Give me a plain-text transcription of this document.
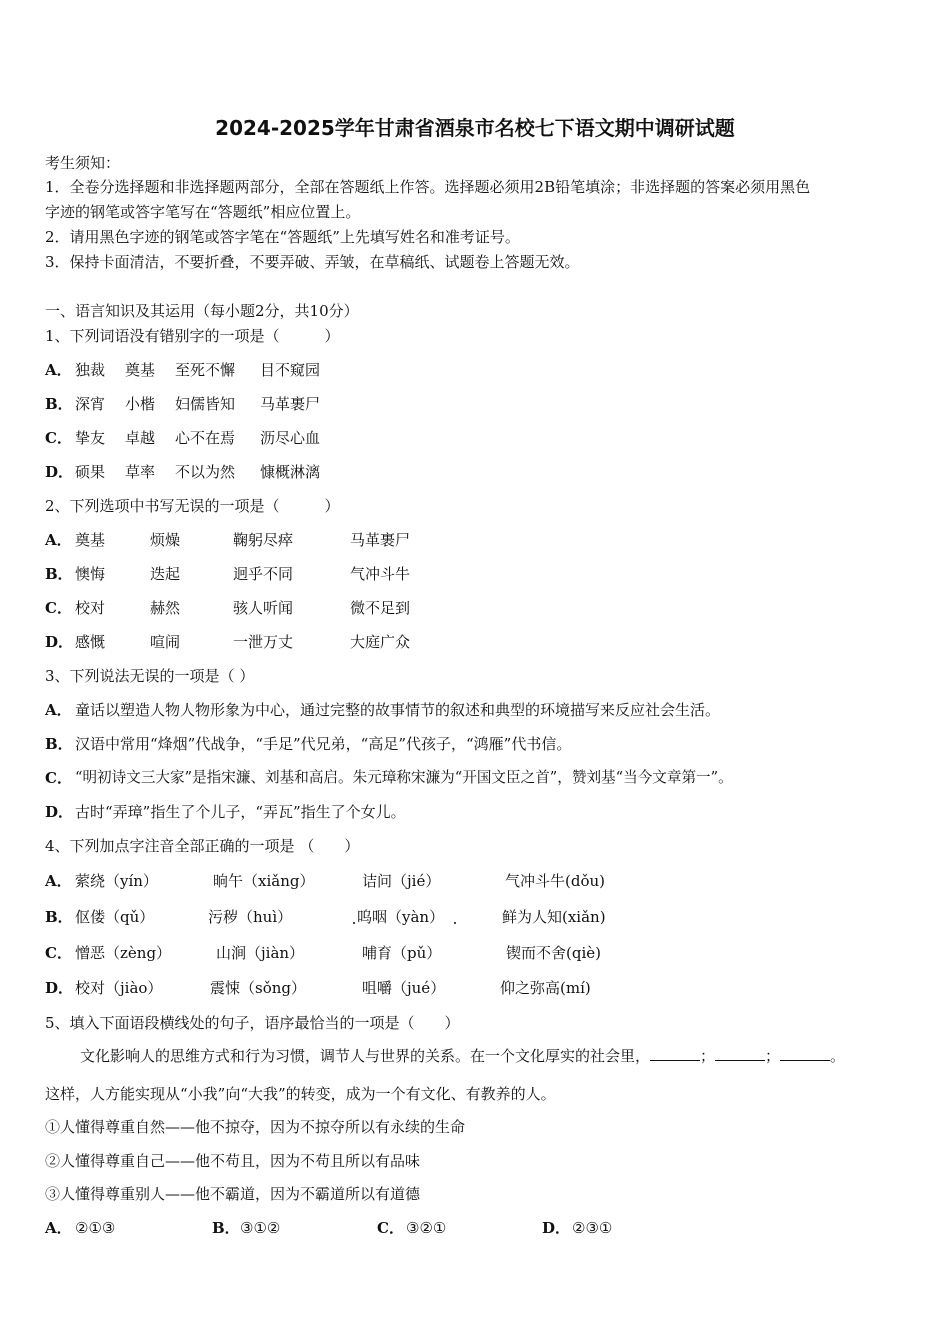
2024-2025学年甘肃省酒泉市名校七下语文期中调研试题
考生须知：
1．全卷分选择题和非选择题两部分，全部在答题纸上作答。选择题必须用2B铅笔填涂；非选择题的答案必须用黑色
字迹的钢笔或答字笔写在“答题纸”相应位置上。
2．请用黑色字迹的钢笔或答字笔在“答题纸”上先填写姓名和准考证号。
3．保持卡面清洁，不要折叠，不要弄破、弄皱，在草稿纸、试题卷上答题无效。
一、语言知识及其运用（每小题2分，共10分）
1、下列词语没有错别字的一项是（　　　）
A． 独裁 奠基 至死不懈 目不窥园
B． 深宵 小楷 妇儒皆知 马革裹尸
C． 挚友 卓越 心不在焉 沥尽心血
D． 硕果 草率 不以为然 慷概淋漓
2、下列选项中书写无误的一项是（　　　）
A． 奠基	烦燥	鞠躬尽瘁	马革裹尸
B． 懊悔	迭起	迥乎不同	气冲斗牛
C． 校对	赫然	骇人听闻	微不足到
D． 感慨	喧闹	一泄万丈	大庭广众
3、下列说法无误的一项是（ ）
A． 童话以塑造人物人物形象为中心，通过完整的故事情节的叙述和典型的环境描写来反应社会生活。
B． 汉语中常用“烽烟”代战争，“手足”代兄弟，“高足”代孩子，“鸿雁”代书信。
C． “明初诗文三大家”是指宋濂、刘基和高启。朱元璋称宋濂为“开国文臣之首”，赞刘基“当今文章第一”。
D． 古时“弄璋”指生了个儿子，“弄瓦”指生了个女儿。
4、下列加点字注音全部正确的一项是 （　　）
A． 萦绕（yín）	晌午（xiǎng）	诘问（jié）	气冲斗牛(dǒu)
B． 伛偻（qǔ）	污秽（huì）	呜咽（yàn）	鲜为人知(xiǎn)
C． 憎恶（zèng）	山涧（jiàn）	哺育（pǔ）	锲而不舍(qiè)
D． 校对（jiào）	震悚（sǒng）	咀嚼（jué）	仰之弥高(mí)
5、填入下面语段横线处的句子，语序最恰当的一项是（　　）
文化影响人的思维方式和行为习惯，调节人与世界的关系。在一个文化厚实的社会里，	；	；	。
这样，人方能实现从“小我”向“大我”的转变，成为一个有文化、有教养的人。
①人懂得尊重自然——他不掠夺，因为不掠夺所以有永续的生命
②人懂得尊重自己——他不苟且，因为不苟且所以有品味
③人懂得尊重别人——他不霸道，因为不霸道所以有道德
A． ②①③	B． ③①②	C． ③②①	D． ②③①
